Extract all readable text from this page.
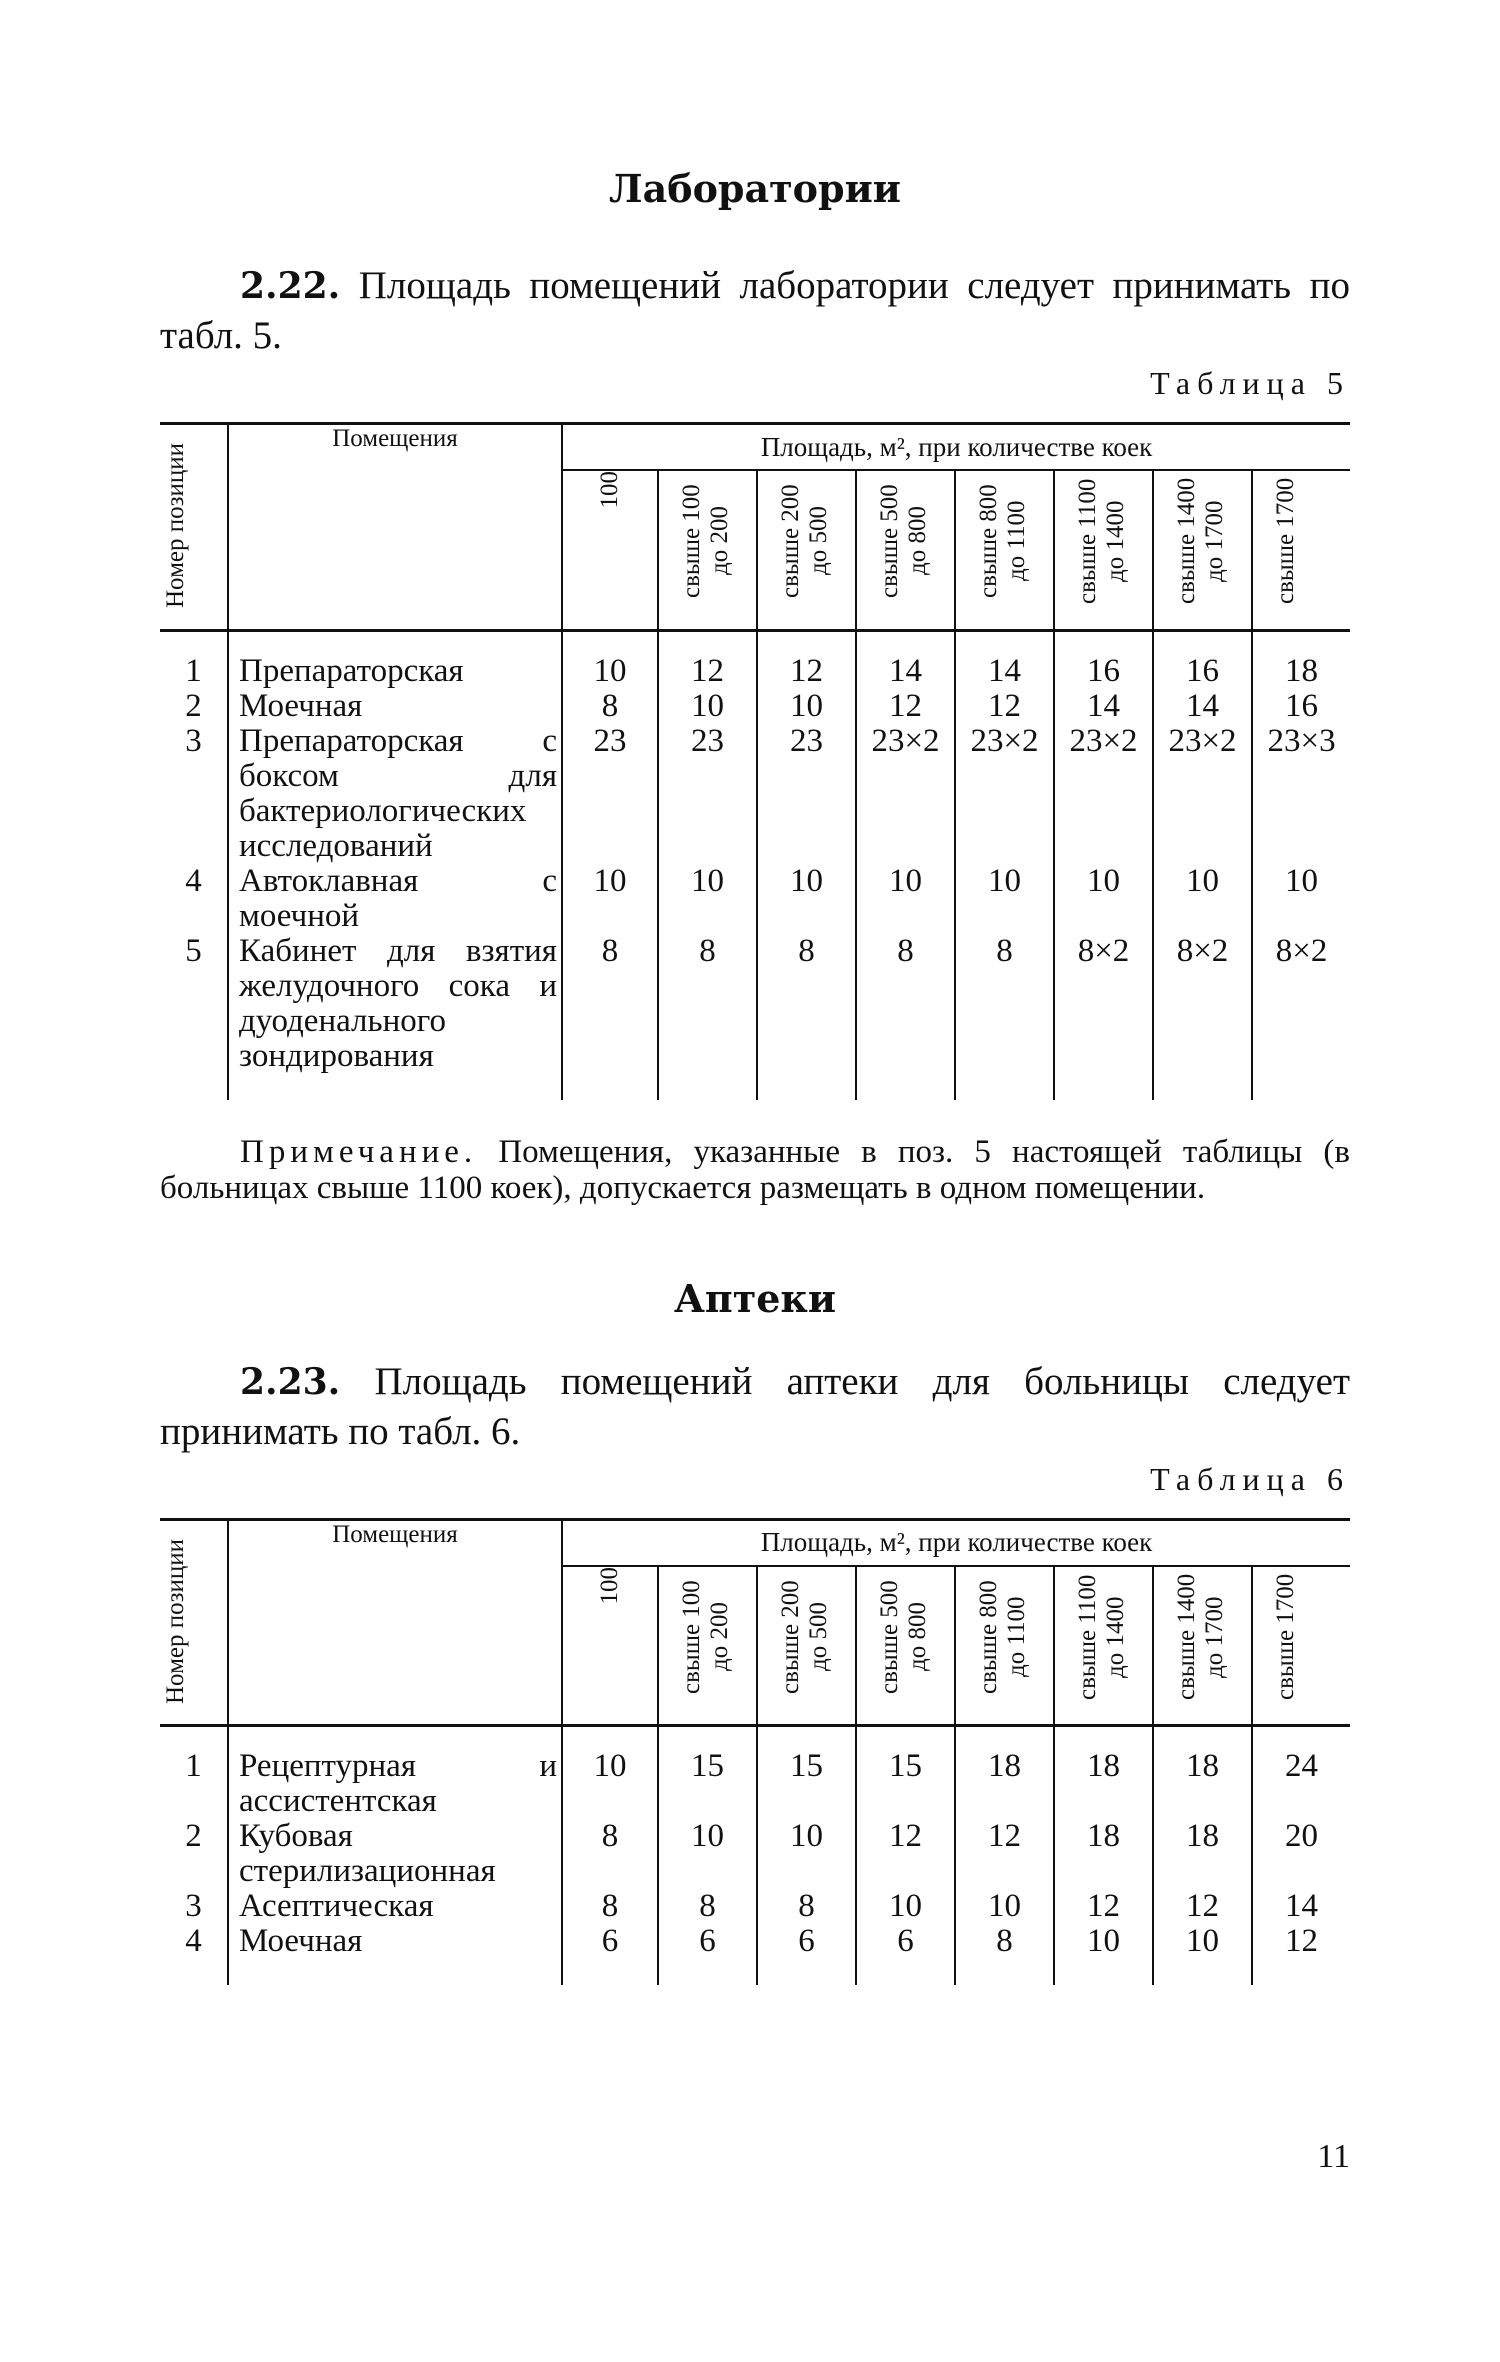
Лаборатории

2.22. Площадь помещений лаборатории следует принимать по табл. 5.

Таблица 5

Номер позиции	Помещения	Площадь, м², при количестве коек							

		100	свыше 100 до 200	свыше 200 до 500	свыше 500 до 800	свыше 800 до 1100	свыше 1100 до 1400	свыше 1400 до 1700	свыше 1700

1	Препараторская	10	12	12	14	14	16	16	18
2	Моечная	8	10	10	12	12	14	14	16
3	Препараторская с боксом для бактериологических исследований	23	23	23	23×2	23×2	23×2	23×2	23×3
4	Автоклавная с моечной	10	10	10	10	10	10	10	10
5	Кабинет для взятия желудочного сока и дуоденального зондирования	8	8	8	8	8	8×2	8×2	8×2

Примечание. Помещения, указанные в поз. 5 настоящей таблицы (в больницах свыше 1100 коек), допускается размещать в одном помещении.

Аптеки

2.23. Площадь помещений аптеки для больницы следует принимать по табл. 6.

Таблица 6

Номер позиции	Помещения	Площадь, м², при количестве коек							

		100	свыше 100 до 200	свыше 200 до 500	свыше 500 до 800	свыше 800 до 1100	свыше 1100 до 1400	свыше 1400 до 1700	свыше 1700

1	Рецептурная и ассистентская	10	15	15	15	18	18	18	24
2	Кубовая стерилизационная	8	10	10	12	12	18	18	20
3	Асептическая	8	8	8	10	10	12	12	14
4	Моечная	6	6	6	6	8	10	10	12

11
